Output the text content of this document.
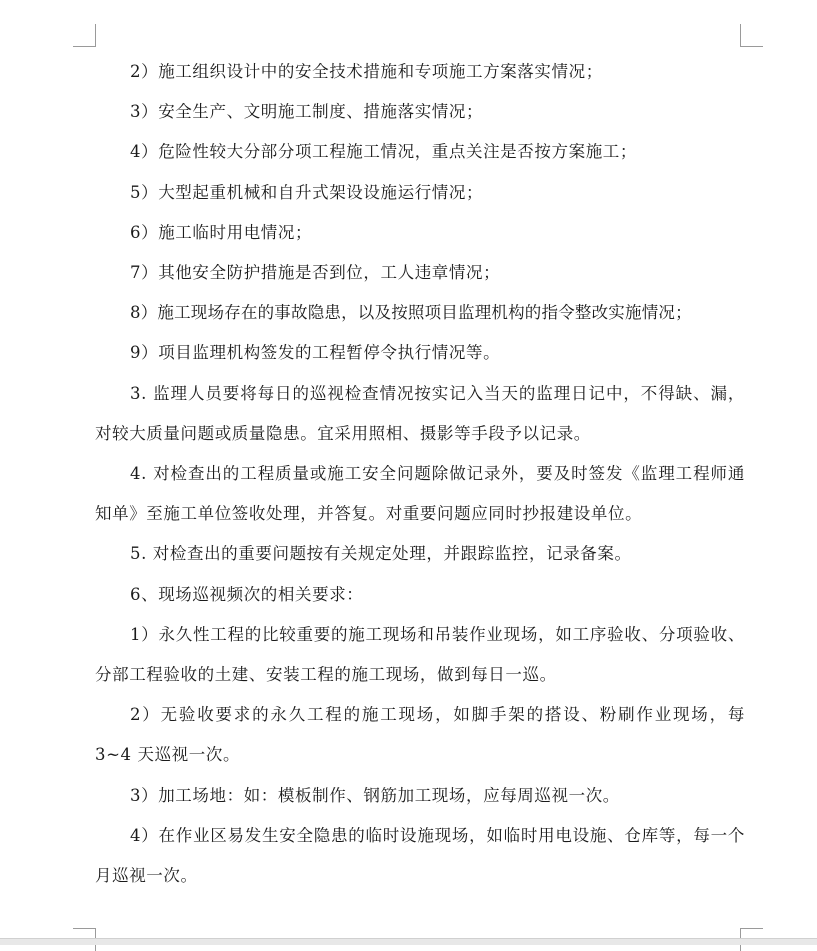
2）施工组织设计中的安全技术措施和专项施工方案落实情况；

3）安全生产、文明施工制度、措施落实情况；

4）危险性较大分部分项工程施工情况，重点关注是否按方案施工；

5）大型起重机械和自升式架设设施运行情况；

6）施工临时用电情况；

7）其他安全防护措施是否到位，工人违章情况；

8）施工现场存在的事故隐患，以及按照项目监理机构的指令整改实施情况；

9）项目监理机构签发的工程暂停令执行情况等。

3. 监理人员要将每日的巡视检查情况按实记入当天的监理日记中，不得缺、漏，对较大质量问题或质量隐患。宜采用照相、摄影等手段予以记录。

4. 对检查出的工程质量或施工安全问题除做记录外，要及时签发《监理工程师通知单》至施工单位签收处理，并答复。对重要问题应同时抄报建设单位。

5. 对检查出的重要问题按有关规定处理，并跟踪监控，记录备案。

6、现场巡视频次的相关要求：

1）永久性工程的比较重要的施工现场和吊装作业现场，如工序验收、分项验收、分部工程验收的土建、安装工程的施工现场，做到每日一巡。

2）无验收要求的永久工程的施工现场，如脚手架的搭设、粉刷作业现场，每 3~4 天巡视一次。

3）加工场地：如：模板制作、钢筋加工现场，应每周巡视一次。

4）在作业区易发生安全隐患的临时设施现场，如临时用电设施、仓库等，每一个月巡视一次。
